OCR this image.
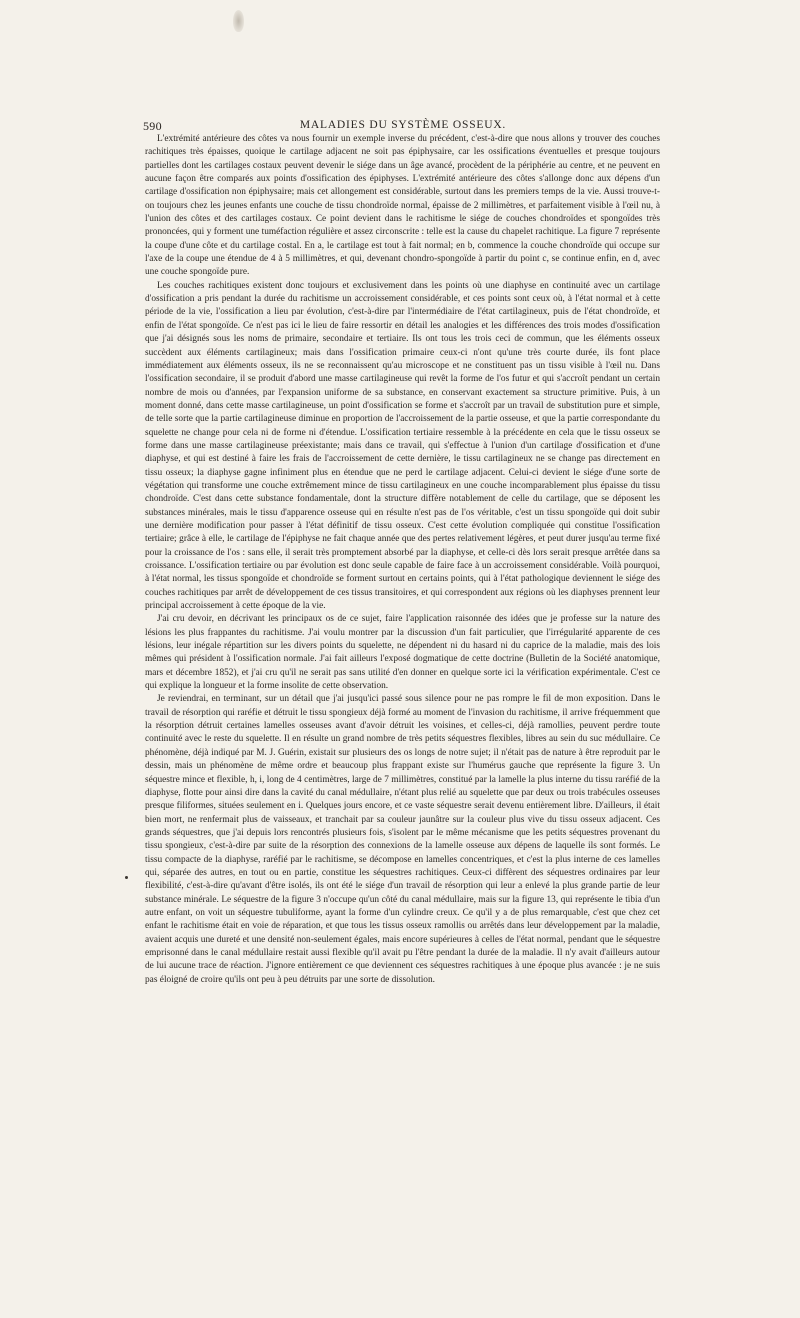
590	MALADIES DU SYSTÈME OSSEUX.

L'extrémité antérieure des côtes va nous fournir un exemple inverse du précédent, c'est-à-dire que nous allons y trouver des couches rachitiques très épaisses, quoique le cartilage adjacent ne soit pas épiphysaire, car les ossifications éventuelles et presque toujours partielles dont les cartilages costaux peuvent devenir le siége dans un âge avancé, procèdent de la périphérie au centre, et ne peuvent en aucune façon être comparés aux points d'ossification des épiphyses. L'extrémité antérieure des côtes s'allonge donc aux dépens d'un cartilage d'ossification non épiphysaire; mais cet allongement est considérable, surtout dans les premiers temps de la vie. Aussi trouve-t-on toujours chez les jeunes enfants une couche de tissu chondroïde normal, épaisse de 2 millimètres, et parfaitement visible à l'œil nu, à l'union des côtes et des cartilages costaux. Ce point devient dans le rachitisme le siége de couches chondroïdes et spongoïdes très prononcées, qui y forment une tuméfaction régulière et assez circonscrite : telle est la cause du chapelet rachitique. La figure 7 représente la coupe d'une côte et du cartilage costal. En a, le cartilage est tout à fait normal; en b, commence la couche chondroïde qui occupe sur l'axe de la coupe une étendue de 4 à 5 millimètres, et qui, devenant chondro-spongoïde à partir du point c, se continue enfin, en d, avec une couche spongoïde pure.

Les couches rachitiques existent donc toujours et exclusivement dans les points où une diaphyse en continuité avec un cartilage d'ossification a pris pendant la durée du rachitisme un accroissement considérable, et ces points sont ceux où, à l'état normal et à cette période de la vie, l'ossification a lieu par évolution, c'est-à-dire par l'intermédiaire de l'état cartilagineux, puis de l'état chondroïde, et enfin de l'état spongoïde. Ce n'est pas ici le lieu de faire ressortir en détail les analogies et les différences des trois modes d'ossification que j'ai désignés sous les noms de primaire, secondaire et tertiaire. Ils ont tous les trois ceci de commun, que les éléments osseux succèdent aux éléments cartilagineux; mais dans l'ossification primaire ceux-ci n'ont qu'une très courte durée, ils font place immédiatement aux éléments osseux, ils ne se reconnaissent qu'au microscope et ne constituent pas un tissu visible à l'œil nu. Dans l'ossification secondaire, il se produit d'abord une masse cartilagineuse qui revêt la forme de l'os futur et qui s'accroît pendant un certain nombre de mois ou d'années, par l'expansion uniforme de sa substance, en conservant exactement sa structure primitive. Puis, à un moment donné, dans cette masse cartilagineuse, un point d'ossification se forme et s'accroît par un travail de substitution pure et simple, de telle sorte que la partie cartilagineuse diminue en proportion de l'accroissement de la partie osseuse, et que la partie correspondante du squelette ne change pour cela ni de forme ni d'étendue. L'ossification tertiaire ressemble à la précédente en cela que le tissu osseux se forme dans une masse cartilagineuse préexistante; mais dans ce travail, qui s'effectue à l'union d'un cartilage d'ossification et d'une diaphyse, et qui est destiné à faire les frais de l'accroissement de cette dernière, le tissu cartilagineux ne se change pas directement en tissu osseux; la diaphyse gagne infiniment plus en étendue que ne perd le cartilage adjacent. Celui-ci devient le siége d'une sorte de végétation qui transforme une couche extrêmement mince de tissu cartilagineux en une couche incomparablement plus épaisse du tissu chondroïde. C'est dans cette substance fondamentale, dont la structure diffère notablement de celle du cartilage, que se déposent les substances minérales, mais le tissu d'apparence osseuse qui en résulte n'est pas de l'os véritable, c'est un tissu spongoïde qui doit subir une dernière modification pour passer à l'état définitif de tissu osseux. C'est cette évolution compliquée qui constitue l'ossification tertiaire; grâce à elle, le cartilage de l'épiphyse ne fait chaque année que des pertes relativement légères, et peut durer jusqu'au terme fixé pour la croissance de l'os : sans elle, il serait très promptement absorbé par la diaphyse, et celle-ci dès lors serait presque arrêtée dans sa croissance. L'ossification tertiaire ou par évolution est donc seule capable de faire face à un accroissement considérable. Voilà pourquoi, à l'état normal, les tissus spongoïde et chondroïde se forment surtout en certains points, qui à l'état pathologique deviennent le siége des couches rachitiques par arrêt de développement de ces tissus transitoires, et qui correspondent aux régions où les diaphyses prennent leur principal accroissement à cette époque de la vie.

J'ai cru devoir, en décrivant les principaux os de ce sujet, faire l'application raisonnée des idées que je professe sur la nature des lésions les plus frappantes du rachitisme. J'ai voulu montrer par la discussion d'un fait particulier, que l'irrégularité apparente de ces lésions, leur inégale répartition sur les divers points du squelette, ne dépendent ni du hasard ni du caprice de la maladie, mais des lois mêmes qui président à l'ossification normale. J'ai fait ailleurs l'exposé dogmatique de cette doctrine (Bulletin de la Société anatomique, mars et décembre 1852), et j'ai cru qu'il ne serait pas sans utilité d'en donner en quelque sorte ici la vérification expérimentale. C'est ce qui explique la longueur et la forme insolite de cette observation.

Je reviendrai, en terminant, sur un détail que j'ai jusqu'ici passé sous silence pour ne pas rompre le fil de mon exposition. Dans le travail de résorption qui raréfie et détruit le tissu spongieux déjà formé au moment de l'invasion du rachitisme, il arrive fréquemment que la résorption détruit certaines lamelles osseuses avant d'avoir détruit les voisines, et celles-ci, déjà ramollies, peuvent perdre toute continuité avec le reste du squelette. Il en résulte un grand nombre de très petits séquestres flexibles, libres au sein du suc médullaire. Ce phénomène, déjà indiqué par M. J. Guérin, existait sur plusieurs des os longs de notre sujet; il n'était pas de nature à être reproduit par le dessin, mais un phénomène de même ordre et beaucoup plus frappant existe sur l'humérus gauche que représente la figure 3. Un séquestre mince et flexible, h, i, long de 4 centimètres, large de 7 millimètres, constitué par la lamelle la plus interne du tissu raréfié de la diaphyse, flotte pour ainsi dire dans la cavité du canal médullaire, n'étant plus relié au squelette que par deux ou trois trabécules osseuses presque filiformes, situées seulement en i. Quelques jours encore, et ce vaste séquestre serait devenu entièrement libre. D'ailleurs, il était bien mort, ne renfermait plus de vaisseaux, et tranchait par sa couleur jaunâtre sur la couleur plus vive du tissu osseux adjacent. Ces grands séquestres, que j'ai depuis lors rencontrés plusieurs fois, s'isolent par le même mécanisme que les petits séquestres provenant du tissu spongieux, c'est-à-dire par suite de la résorption des connexions de la lamelle osseuse aux dépens de laquelle ils sont formés. Le tissu compacte de la diaphyse, raréfié par le rachitisme, se décompose en lamelles concentriques, et c'est la plus interne de ces lamelles qui, séparée des autres, en tout ou en partie, constitue les séquestres rachitiques. Ceux-ci diffèrent des séquestres ordinaires par leur flexibilité, c'est-à-dire qu'avant d'être isolés, ils ont été le siége d'un travail de résorption qui leur a enlevé la plus grande partie de leur substance minérale. Le séquestre de la figure 3 n'occupe qu'un côté du canal médullaire, mais sur la figure 13, qui représente le tibia d'un autre enfant, on voit un séquestre tubuliforme, ayant la forme d'un cylindre creux. Ce qu'il y a de plus remarquable, c'est que chez cet enfant le rachitisme était en voie de réparation, et que tous les tissus osseux ramollis ou arrêtés dans leur développement par la maladie, avaient acquis une dureté et une densité non-seulement égales, mais encore supérieures à celles de l'état normal, pendant que le séquestre emprisonné dans le canal médullaire restait aussi flexible qu'il avait pu l'être pendant la durée de la maladie. Il n'y avait d'ailleurs autour de lui aucune trace de réaction. J'ignore entièrement ce que deviennent ces séquestres rachitiques à une époque plus avancée : je ne suis pas éloigné de croire qu'ils ont peu à peu détruits par une sorte de dissolution.
